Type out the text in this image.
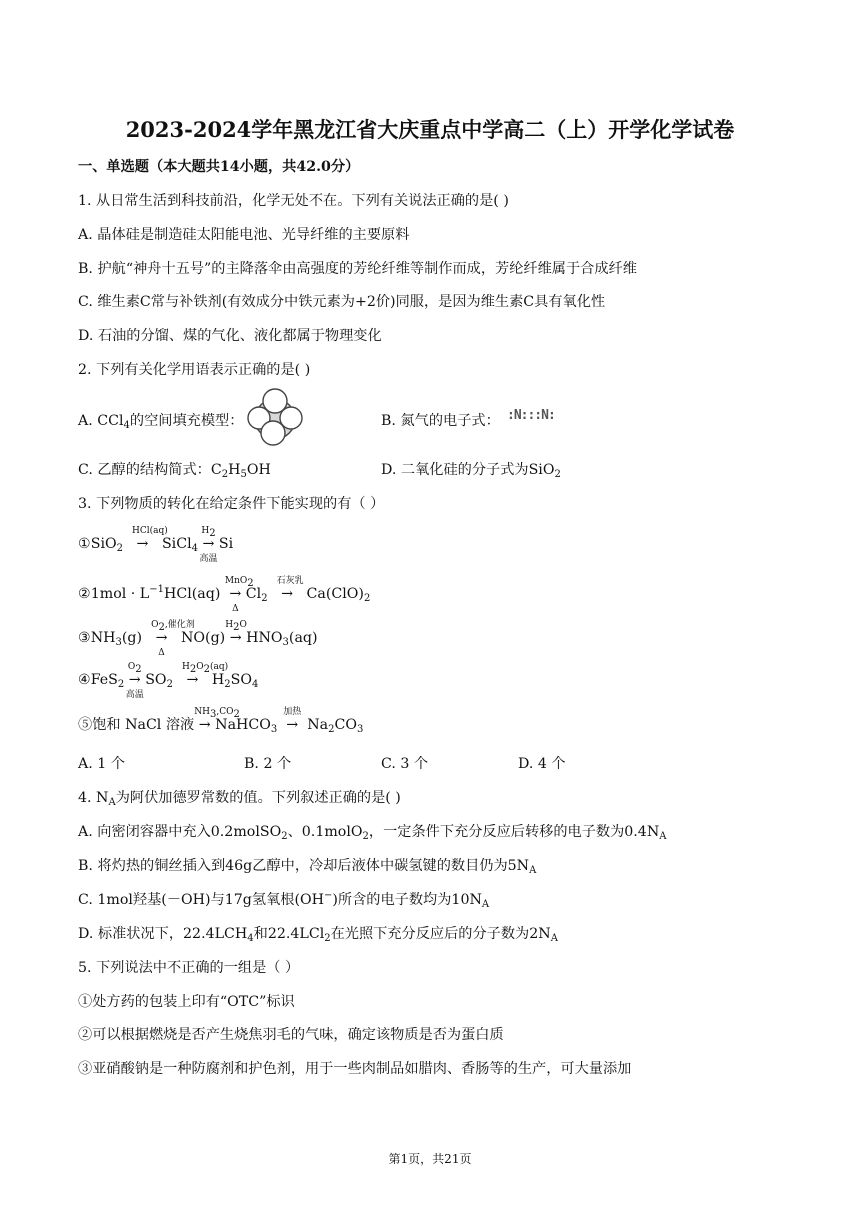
2023-2024学年黑龙江省大庆重点中学高二（上）开学化学试卷
一、单选题（本大题共14小题，共42.0分）
1. 从日常生活到科技前沿，化学无处不在。下列有关说法正确的是( )
A. 晶体硅是制造硅太阳能电池、光导纤维的主要原料
B. 护航“神舟十五号”的主降落伞由高强度的芳纶纤维等制作而成，芳纶纤维属于合成纤维
C. 维生素C常与补铁剂(有效成分中铁元素为+2价)同服，是因为维生素C具有氧化性
D. 石油的分馏、煤的气化、液化都属于物理变化
2. 下列有关化学用语表示正确的是( )
A. CCl$_4$的空间填充模型：	B. 氮气的电子式： :N:::N:
C. 乙醇的结构简式：$C_2H_5OH$	D. 二氧化硅的分子式为SiO$_2$
3. 下列物质的转化在给定条件下能实现的有（ ）
①SiO$_2$   →
HCl(aq)
SiCl$_4$ →
$H_2$
高温
Si
②1mol · $L^{-1}HCl(aq)$  →
MnO$_2$
Δ
$Cl_2$   →
石灰乳
$Ca(ClO)_2$
$③NH_3(g)$   →
$O_2$,催化剂
Δ
NO(g) →
$H_2O$
$HNO_3(aq)$
④FeS$_2$ →
$O_2$
高温
$SO_2$   →
$H_2O_2(aq)$
$H_2SO_4$
⑤饱和 NaCl 溶液 →
$NH_3,CO_2$
NaHCO$_3$  →
加热
$Na_2CO_3$
A. 1 个	B. 2 个	C. 3 个	D. 4 个
4. $N_A$为阿伏加德罗常数的值。下列叙述正确的是( )
A. 向密闭容器中充入0.2molSO$_2$、0.1molO$_2$，一定条件下充分反应后转移的电子数为$0.4N_A$
B. 将灼热的铜丝插入到46g乙醇中，冷却后液体中碳氢键的数目仍为$5N_A$
C. 1mol羟基(－OH)与17g氢氧根(OH−)所含的电子数均为$10N_A$
D. 标准状况下，$22.4LCH_4$和22.4LCl$_2$在光照下充分反应后的分子数为$2N_A$
5. 下列说法中不正确的一组是（ ）
①处方药的包装上印有“OTC”标识
②可以根据燃烧是否产生烧焦羽毛的气味，确定该物质是否为蛋白质
③亚硝酸钠是一种防腐剂和护色剂，用于一些肉制品如腊肉、香肠等的生产，可大量添加
第1页，共21页
